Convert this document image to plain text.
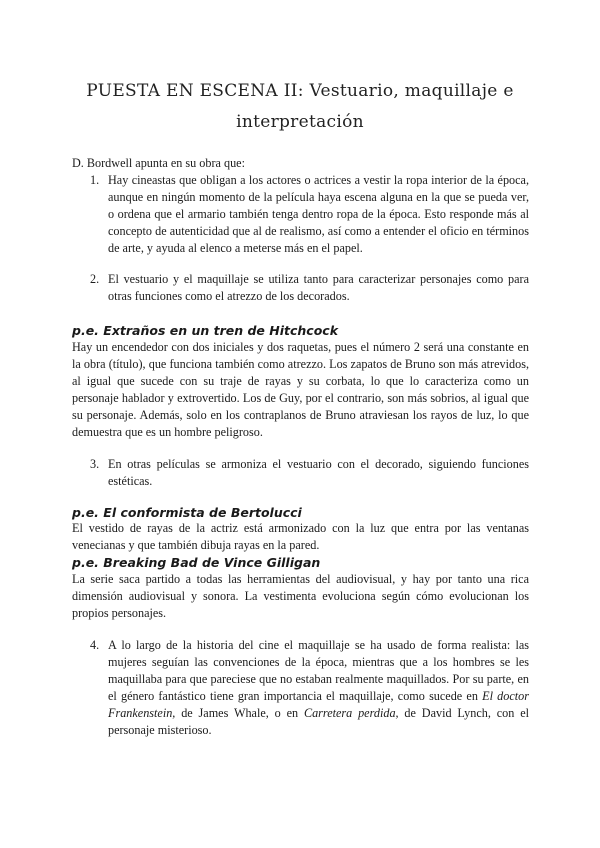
PUESTA EN ESCENA II: Vestuario, maquillaje e
interpretación
D. Bordwell apunta en su obra que:
1. Hay cineastas que obligan a los actores o actrices a vestir la ropa interior de la época, aunque en ningún momento de la película haya escena alguna en la que se pueda ver, o ordena que el armario también tenga dentro ropa de la época. Esto responde más al concepto de autenticidad que al de realismo, así como a entender el oficio en términos de arte, y ayuda al elenco a meterse más en el papel.
2. El vestuario y el maquillaje se utiliza tanto para caracterizar personajes como para otras funciones como el atrezzo de los decorados.
p.e. Extraños en un tren de Hitchcock
Hay un encendedor con dos iniciales y dos raquetas, pues el número 2 será una constante en la obra (título), que funciona también como atrezzo. Los zapatos de Bruno son más atrevidos, al igual que sucede con su traje de rayas y su corbata, lo que lo caracteriza como un personaje hablador y extrovertido. Los de Guy, por el contrario, son más sobrios, al igual que su personaje. Además, solo en los contraplanos de Bruno atraviesan los rayos de luz, lo que demuestra que es un hombre peligroso.
3. En otras películas se armoniza el vestuario con el decorado, siguiendo funciones estéticas.
p.e. El conformista de Bertolucci
El vestido de rayas de la actriz está armonizado con la luz que entra por las ventanas venecianas y que también dibuja rayas en la pared.
p.e. Breaking Bad de Vince Gilligan
La serie saca partido a todas las herramientas del audiovisual, y hay por tanto una rica dimensión audiovisual y sonora. La vestimenta evoluciona según cómo evolucionan los propios personajes.
4. A lo largo de la historia del cine el maquillaje se ha usado de forma realista: las mujeres seguían las convenciones de la época, mientras que a los hombres se les maquillaba para que pareciese que no estaban realmente maquillados. Por su parte, en el género fantástico tiene gran importancia el maquillaje, como sucede en El doctor Frankenstein, de James Whale, o en Carretera perdida, de David Lynch, con el personaje misterioso.
